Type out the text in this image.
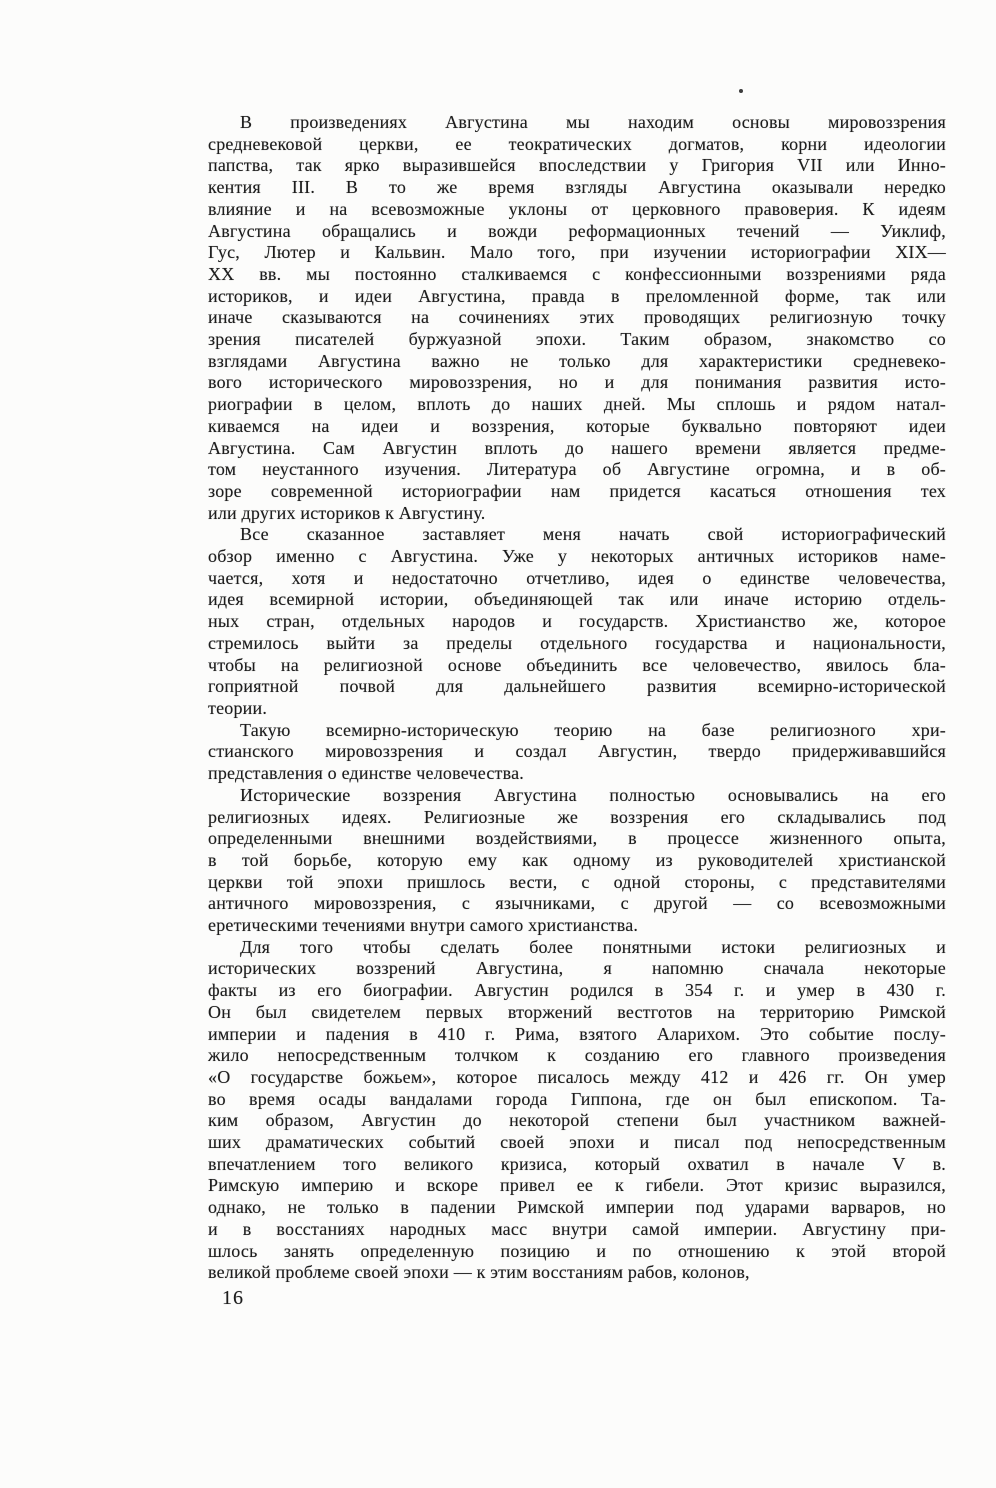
В произведениях Августина мы находим основы мировоззрения
средневековой церкви, ее теократических догматов, корни идеологии
папства, так ярко выразившейся впоследствии у Григория VII или Инно-
кентия III. В то же время взгляды Августина оказывали нередко
влияние и на всевозможные уклоны от церковного правоверия. К идеям
Августина обращались и вожди реформационных течений — Уиклиф,
Гус, Лютер и Кальвин. Мало того, при изучении историографии XIX—
XX вв. мы постоянно сталкиваемся с конфессионными воззрениями ряда
историков, и идеи Августина, правда в преломленной форме, так или
иначе сказываются на сочинениях этих проводящих религиозную точку
зрения писателей буржуазной эпохи. Таким образом, знакомство со
взглядами Августина важно не только для характеристики средневеко-
вого исторического мировоззрения, но и для понимания развития исто-
риографии в целом, вплоть до наших дней. Мы сплошь и рядом натал-
киваемся на идеи и воззрения, которые буквально повторяют идеи
Августина. Сам Августин вплоть до нашего времени является предме-
том неустанного изучения. Литература об Августине огромна, и в об-
зоре современной историографии нам придется касаться отношения тех
или других историков к Августину.
Все сказанное заставляет меня начать свой историографический
обзор именно с Августина. Уже у некоторых античных историков наме-
чается, хотя и недостаточно отчетливо, идея о единстве человечества,
идея всемирной истории, объединяющей так или иначе историю отдель-
ных стран, отдельных народов и государств. Христианство же, которое
стремилось выйти за пределы отдельного государства и национальности,
чтобы на религиозной основе объединить все человечество, явилось бла-
гоприятной почвой для дальнейшего развития всемирно-исторической
теории.
Такую всемирно-историческую теорию на базе религиозного хри-
стианского мировоззрения и создал Августин, твердо придерживавшийся
представления о единстве человечества.
Исторические воззрения Августина полностью основывались на его
религиозных идеях. Религиозные же воззрения его складывались под
определенными внешними воздействиями, в процессе жизненного опыта,
в той борьбе, которую ему как одному из руководителей христианской
церкви той эпохи пришлось вести, с одной стороны, с представителями
античного мировоззрения, с язычниками, с другой — со всевозможными
еретическими течениями внутри самого христианства.
Для того чтобы сделать более понятными истоки религиозных и
исторических воззрений Августина, я напомню сначала некоторые
факты из его биографии. Августин родился в 354 г. и умер в 430 г.
Он был свидетелем первых вторжений вестготов на территорию Римской
империи и падения в 410 г. Рима, взятого Аларихом. Это событие послу-
жило непосредственным толчком к созданию его главного произведения
«О государстве божьем», которое писалось между 412 и 426 гг. Он умер
во время осады вандалами города Гиппона, где он был епископом. Та-
ким образом, Августин до некоторой степени был участником важней-
ших драматических событий своей эпохи и писал под непосредственным
впечатлением того великого кризиса, который охватил в начале V в.
Римскую империю и вскоре привел ее к гибели. Этот кризис выразился,
однако, не только в падении Римской империи под ударами варваров, но
и в восстаниях народных масс внутри самой империи. Августину при-
шлось занять определенную позицию и по отношению к этой второй
великой проблеме своей эпохи — к этим восстаниям рабов, колонов,
16
